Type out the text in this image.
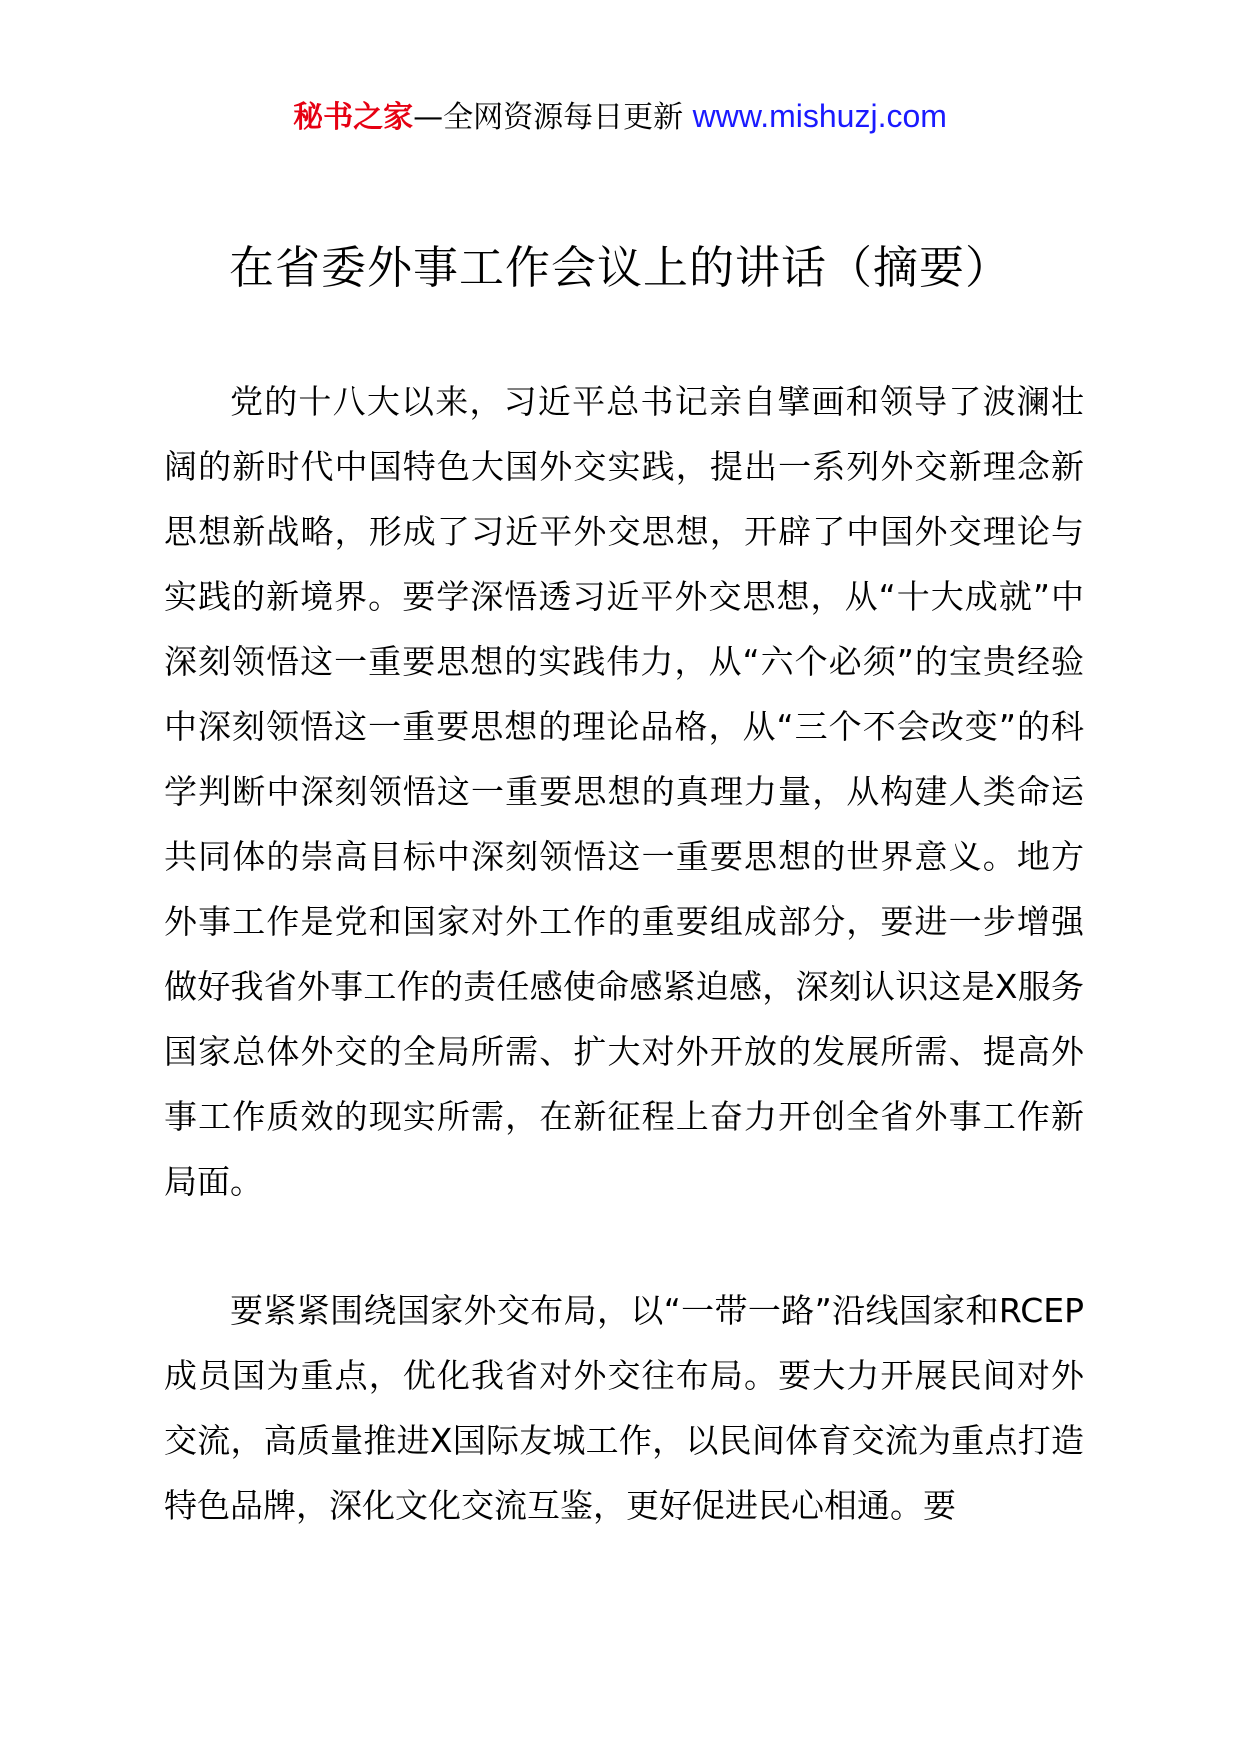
秘书之家—全网资源每日更新 www.mishuzj.com
在省委外事工作会议上的讲话（摘要）

党的十八大以来，习近平总书记亲自擘画和领导了波澜壮阔的新时代中国特色大国外交实践，提出一系列外交新理念新思想新战略，形成了习近平外交思想，开辟了中国外交理论与实践的新境界。要学深悟透习近平外交思想，从“十大成就”中深刻领悟这一重要思想的实践伟力，从“六个必须”的宝贵经验中深刻领悟这一重要思想的理论品格，从“三个不会改变”的科学判断中深刻领悟这一重要思想的真理力量，从构建人类命运共同体的崇高目标中深刻领悟这一重要思想的世界意义。地方外事工作是党和国家对外工作的重要组成部分，要进一步增强做好我省外事工作的责任感使命感紧迫感，深刻认识这是X服务国家总体外交的全局所需、扩大对外开放的发展所需、提高外事工作质效的现实所需，在新征程上奋力开创全省外事工作新局面。

要紧紧围绕国家外交布局，以“一带一路”沿线国家和RCEP成员国为重点，优化我省对外交往布局。要大力开展民间对外交流，高质量推进X国际友城工作，以民间体育交流为重点打造特色品牌，深化文化交流互鉴，更好促进民心相通。要
